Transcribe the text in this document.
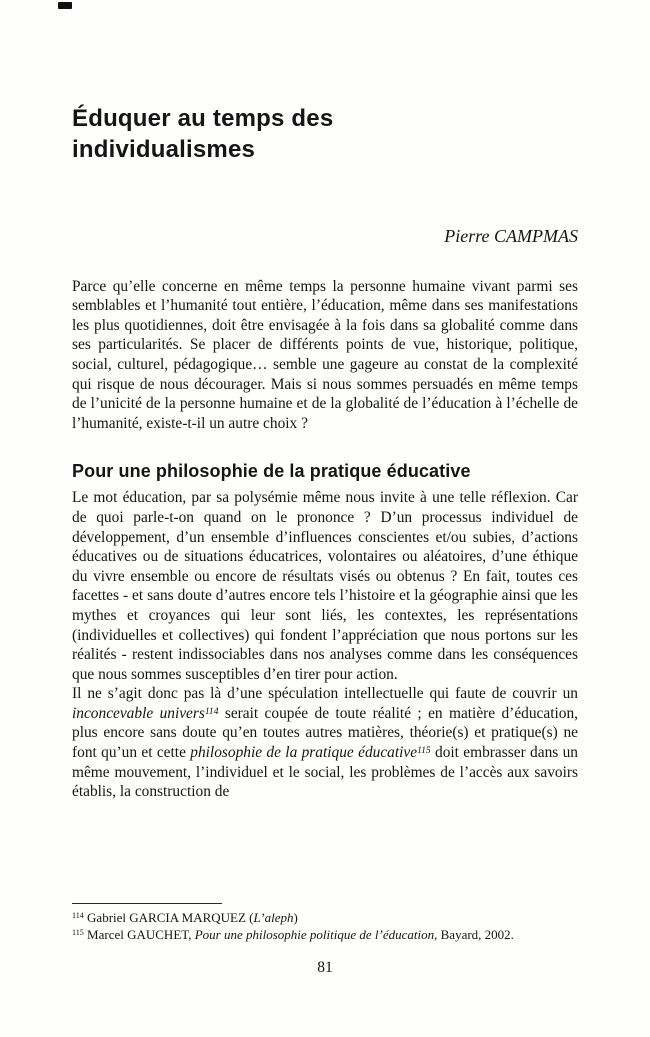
Éduquer au temps des
individualismes
Pierre CAMPMAS

Parce qu’elle concerne en même temps la personne humaine vivant parmi ses semblables et l’humanité tout entière, l’éducation, même dans ses manifestations les plus quotidiennes, doit être envisagée à la fois dans sa globalité comme dans ses particularités. Se placer de différents points de vue, historique, politique, social, culturel, pédagogique… semble une gageure au constat de la complexité qui risque de nous décourager. Mais si nous sommes persuadés en même temps de l’unicité de la personne humaine et de la globalité de l’éducation à l’échelle de l’humanité, existe-t-il un autre choix ?

Pour une philosophie de la pratique éducative

Le mot éducation, par sa polysémie même nous invite à une telle réflexion. Car de quoi parle-t-on quand on le prononce ? D’un processus individuel de développement, d’un ensemble d’influences conscientes et/ou subies, d’actions éducatives ou de situations éducatrices, volontaires ou aléatoires, d’une éthique du vivre ensemble ou encore de résultats visés ou obtenus ? En fait, toutes ces facettes - et sans doute d’autres encore tels l’histoire et la géographie ainsi que les mythes et croyances qui leur sont liés, les contextes, les représentations (individuelles et collectives) qui fondent l’appréciation que nous portons sur les réalités - restent indissociables dans nos analyses comme dans les conséquences que nous sommes susceptibles d’en tirer pour action.

Il ne s’agit donc pas là d’une spéculation intellectuelle qui faute de couvrir un inconcevable univers$^{114}$ serait coupée de toute réalité ; en matière d’éducation, plus encore sans doute qu’en toutes autres matières, théorie(s) et pratique(s) ne font qu’un et cette philosophie de la pratique éducative$^{115}$ doit embrasser dans un même mouvement, l’individuel et le social, les problèmes de l’accès aux savoirs établis, la construction de

$^{114}$ Gabriel GARCIA MARQUEZ (L’aleph)

$^{115}$ Marcel GAUCHET, Pour une philosophie politique de l’éducation, Bayard, 2002.

81
